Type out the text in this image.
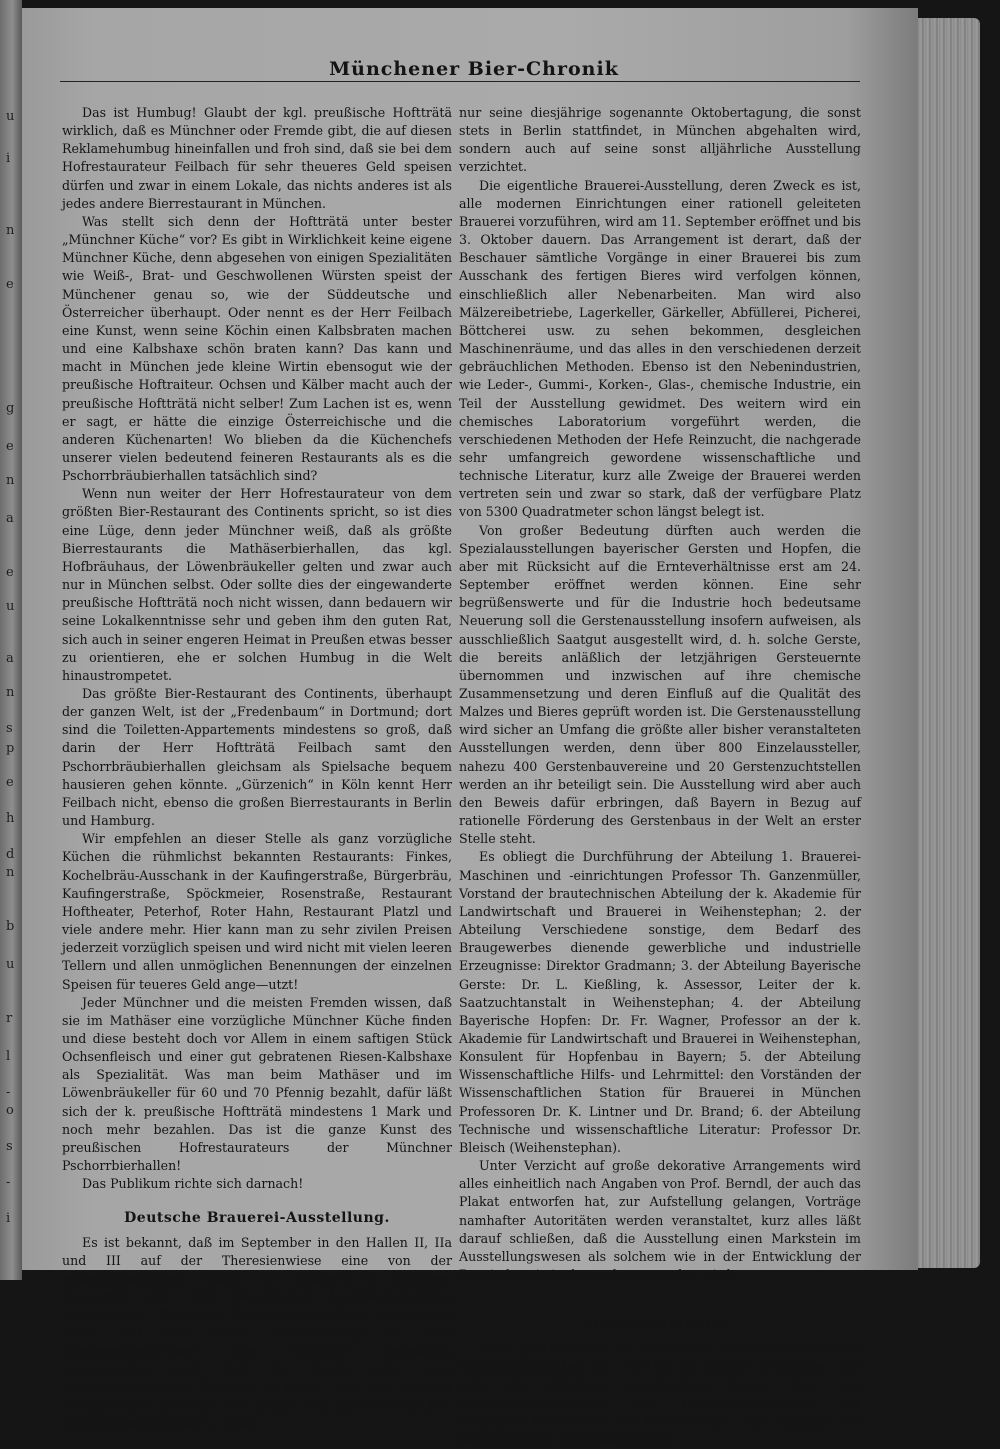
u
i
n
e
g
e
n
a
e
u
a
n
s
p
e
h
d
n
b
u
r
l
-
o
s
-
i
Münchener Bier-Chronik

Das ist Humbug! Glaubt der kgl. preußische Hoftträtä wirklich, daß es Münchner oder Fremde gibt, die auf diesen Reklamehumbug hineinfallen und froh sind, daß sie bei dem Hofrestaurateur Feilbach für sehr theueres Geld speisen dürfen und zwar in einem Lokale, das nichts anderes ist als jedes andere Bierrestaurant in München.

Was stellt sich denn der Hoftträtä unter bester „Münchner Küche“ vor? Es gibt in Wirklichkeit keine eigene Münchner Küche, denn abgesehen von einigen Spezialitäten wie Weiß-, Brat- und Geschwollenen Würsten speist der Münchener genau so, wie der Süddeutsche und Österreicher überhaupt. Oder nennt es der Herr Feilbach eine Kunst, wenn seine Köchin einen Kalbsbraten machen und eine Kalbshaxe schön braten kann? Das kann und macht in München jede kleine Wirtin ebensogut wie der preußische Hoftraiteur. Ochsen und Kälber macht auch der preußische Hoftträtä nicht selber! Zum Lachen ist es, wenn er sagt, er hätte die einzige Österreichische und die anderen Küchenarten! Wo blieben da die Küchenchefs unserer vielen bedeutend feineren Restaurants als es die Pschorrbräubierhallen tatsächlich sind?

Wenn nun weiter der Herr Hofrestaurateur von dem größten Bier-Restaurant des Continents spricht, so ist dies eine Lüge, denn jeder Münchner weiß, daß als größte Bierrestaurants die Mathäserbierhallen, das kgl. Hofbräuhaus, der Löwenbräukeller gelten und zwar auch nur in München selbst. Oder sollte dies der eingewanderte preußische Hoftträtä noch nicht wissen, dann bedauern wir seine Lokalkenntnisse sehr und geben ihm den guten Rat, sich auch in seiner engeren Heimat in Preußen etwas besser zu orientieren, ehe er solchen Humbug in die Welt hinaustrompetet.

Das größte Bier-Restaurant des Continents, überhaupt der ganzen Welt, ist der „Fredenbaum“ in Dortmund; dort sind die Toiletten-Appartements mindestens so groß, daß darin der Herr Hoftträtä Feilbach samt den Pschorrbräubierhallen gleichsam als Spielsache bequem hausieren gehen könnte. „Gürzenich“ in Köln kennt Herr Feilbach nicht, ebenso die großen Bierrestaurants in Berlin und Hamburg.

Wir empfehlen an dieser Stelle als ganz vorzügliche Küchen die rühmlichst bekannten Restaurants: Finkes, Kochelbräu-Ausschank in der Kaufingerstraße, Bürgerbräu, Kaufingerstraße, Spöckmeier, Rosenstraße, Restaurant Hoftheater, Peterhof, Roter Hahn, Restaurant Platzl und viele andere mehr. Hier kann man zu sehr zivilen Preisen jederzeit vorzüglich speisen und wird nicht mit vielen leeren Tellern und allen unmöglichen Benennungen der einzelnen Speisen für teueres Geld ange—utzt!

Jeder Münchner und die meisten Fremden wissen, daß sie im Mathäser eine vorzügliche Münchner Küche finden und diese besteht doch vor Allem in einem saftigen Stück Ochsenfleisch und einer gut gebratenen Riesen-Kalbshaxe als Spezialität. Was man beim Mathäser und im Löwenbräukeller für 60 und 70 Pfennig bezahlt, dafür läßt sich der k. preußische Hoftträtä mindestens 1 Mark und noch mehr bezahlen. Das ist die ganze Kunst des preußischen Hofrestaurateurs der Münchner Pschorrbierhallen!

Das Publikum richte sich darnach!

Deutsche Brauerei-Ausstellung.

Es ist bekannt, daß im September in den Hallen II, IIa und III auf der Theresienwiese eine von der wissenschaftlichen Station für Brauerei in München zusammen mit dem Bayerischen Landwirtschaftsrat veranstaltete Deutsche Brauerei-Ausstellung abgehalten wird, und daß dieser Veranstaltung in allen Interessentenkreisen eine derartige Bedeutung zugesprochen wird, daß der Verein Lehr- und Versuchsanstalt für Brauerei in Berlin, dem die gesamte norddeutsche und auch der größte Teil der süddeutschen Brauindustrie angehört, nicht

nur seine diesjährige sogenannte Oktobertagung, die sonst stets in Berlin stattfindet, in München abgehalten wird, sondern auch auf seine sonst alljährliche Ausstellung verzichtet.

Die eigentliche Brauerei-Ausstellung, deren Zweck es ist, alle modernen Einrichtungen einer rationell geleiteten Brauerei vorzuführen, wird am 11. September eröffnet und bis 3. Oktober dauern. Das Arrangement ist derart, daß der Beschauer sämtliche Vorgänge in einer Brauerei bis zum Ausschank des fertigen Bieres wird verfolgen können, einschließlich aller Nebenarbeiten. Man wird also Mälzereibetriebe, Lagerkeller, Gärkeller, Abfüllerei, Picherei, Böttcherei usw. zu sehen bekommen, desgleichen Maschinenräume, und das alles in den verschiedenen derzeit gebräuchlichen Methoden. Ebenso ist den Nebenindustrien, wie Leder-, Gummi-, Korken-, Glas-, chemische Industrie, ein Teil der Ausstellung gewidmet. Des weitern wird ein chemisches Laboratorium vorgeführt werden, die verschiedenen Methoden der Hefe Reinzucht, die nachgerade sehr umfangreich gewordene wissenschaftliche und technische Literatur, kurz alle Zweige der Brauerei werden vertreten sein und zwar so stark, daß der verfügbare Platz von 5300 Quadratmeter schon längst belegt ist.

Von großer Bedeutung dürften auch werden die Spezialausstellungen bayerischer Gersten und Hopfen, die aber mit Rücksicht auf die Ernteverhältnisse erst am 24. September eröffnet werden können. Eine sehr begrüßenswerte und für die Industrie hoch bedeutsame Neuerung soll die Gerstenausstellung insofern aufweisen, als ausschließlich Saatgut ausgestellt wird, d. h. solche Gerste, die bereits anläßlich der letzjährigen Gersteuernte übernommen und inzwischen auf ihre chemische Zusammensetzung und deren Einfluß auf die Qualität des Malzes und Bieres geprüft worden ist. Die Gerstenausstellung wird sicher an Umfang die größte aller bisher veranstalteten Ausstellungen werden, denn über 800 Einzelaussteller, nahezu 400 Gerstenbauvereine und 20 Gerstenzuchtstellen werden an ihr beteiligt sein. Die Ausstellung wird aber auch den Beweis dafür erbringen, daß Bayern in Bezug auf rationelle Förderung des Gerstenbaus in der Welt an erster Stelle steht.

Es obliegt die Durchführung der Abteilung 1. Brauerei-Maschinen und -einrichtungen Professor Th. Ganzenmüller, Vorstand der brautechnischen Abteilung der k. Akademie für Landwirtschaft und Brauerei in Weihenstephan; 2. der Abteilung Verschiedene sonstige, dem Bedarf des Braugewerbes dienende gewerbliche und industrielle Erzeugnisse: Direktor Gradmann; 3. der Abteilung Bayerische Gerste: Dr. L. Kießling, k. Assessor, Leiter der k. Saatzuchtanstalt in Weihenstephan; 4. der Abteilung Bayerische Hopfen: Dr. Fr. Wagner, Professor an der k. Akademie für Landwirtschaft und Brauerei in Weihenstephan, Konsulent für Hopfenbau in Bayern; 5. der Abteilung Wissenschaftliche Hilfs- und Lehrmittel: den Vorständen der Wissenschaftlichen Station für Brauerei in München Professoren Dr. K. Lintner und Dr. Brand; 6. der Abteilung Technische und wissenschaftliche Literatur: Professor Dr. Bleisch (Weihenstephan).

Unter Verzicht auf große dekorative Arrangements wird alles einheitlich nach Angaben von Prof. Berndl, der auch das Plakat entworfen hat, zur Aufstellung gelangen, Vorträge namhafter Autoritäten werden veranstaltet, kurz alles läßt darauf schließen, daß die Ausstellung einen Markstein im Ausstellungswesen als solchem wie in der Entwicklung der Brauindustrie im besonderen werden wird.

Brauereistatistik.

Wolfs Jahrbuch für die deutschen Aktienbrauereien und Aktienmalzfabriken für 1907/08 ist soeben erschienen und gibt die üblichen statistischen Daten über die Vermögensverhältnisse und Geschäftsergebnisse der deutschen Brauereien und Malzfabriken. Das Ergebnis des Berichtsjahres stand bekanntlich
